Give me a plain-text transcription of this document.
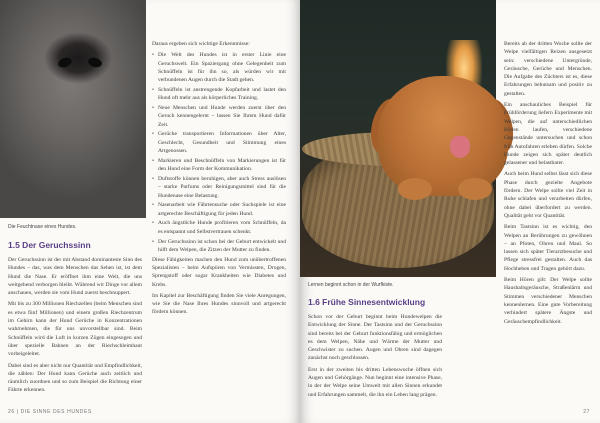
Die Feuchtnase eines Hundes.
1.5 Der Geruchssinn

Der Geruchssinn ist der mit Abstand dominanteste Sinn des Hundes – das, was dem Menschen das Sehen ist, ist dem Hund die Nase. Er eröffnet ihm eine Welt, die uns weitgehend verborgen bleibt. Während wir Dinge vor allem anschauen, werden sie vom Hund zuerst beschnuppert.

Mit bis zu 300 Millionen Riechzellen (beim Menschen sind es etwa fünf Millionen) und einem großen Riechzentrum im Gehirn kann der Hund Gerüche in Konzentrationen wahrnehmen, die für uns unvorstellbar sind. Beim Schnüffeln wird die Luft in kurzen Zügen eingesogen und über spezielle Bahnen an der Riechschleimhaut vorbeigeleitet.

Dabei sind es aber nicht nur Quantität und Empfindlichkeit, die zählen: Der Hund kann Gerüche auch zeitlich und räumlich zuordnen und so zum Beispiel die Richtung einer Fährte erkennen.

Daraus ergeben sich wichtige Erkenntnisse:

• Die Welt des Hundes ist in erster Linie eine Geruchswelt. Ein Spaziergang ohne Gelegenheit zum Schnüffeln ist für ihn so, als würden wir mit verbundenen Augen durch die Stadt gehen.
• Schnüffeln ist anstrengende Kopfarbeit und lastet den Hund oft mehr aus als körperliches Training.
• Neue Menschen und Hunde werden zuerst über den Geruch kennengelernt – lassen Sie Ihrem Hund dafür Zeit.
• Gerüche transportieren Informationen über Alter, Geschlecht, Gesundheit und Stimmung eines Artgenossen.
• Markieren und Beschnüffeln von Markierungen ist für den Hund eine Form der Kommunikation.
• Duftstoffe können beruhigen, aber auch Stress auslösen – starke Parfums oder Reinigungsmittel sind für die Hundenase eine Belastung.
• Nasenarbeit wie Fährtensuche oder Suchspiele ist eine artgerechte Beschäftigung für jeden Hund.
• Auch ängstliche Hunde profitieren vom Schnüffeln, da es entspannt und Selbstvertrauen schenkt.
• Der Geruchssinn ist schon bei der Geburt entwickelt und hilft dem Welpen, die Zitzen der Mutter zu finden.

Diese Fähigkeiten machen den Hund zum unübertroffenen Spezialisten – beim Aufspüren von Vermissten, Drogen, Sprengstoff oder sogar Krankheiten wie Diabetes und Krebs.

Im Kapitel zur Beschäftigung finden Sie viele Anregungen, wie Sie die Nase Ihres Hundes sinnvoll und artgerecht fördern können.

26 | DIE SINNE DES HUNDES
Lernen beginnt schon in der Wurfkiste.
1.6 Frühe Sinnesentwicklung

Schon vor der Geburt beginnt beim Hundewelpen die Entwicklung der Sinne. Der Tastsinn und der Geruchssinn sind bereits bei der Geburt funktionsfähig und ermöglichen es dem Welpen, Nähe und Wärme der Mutter und Geschwister zu suchen. Augen und Ohren sind dagegen zunächst noch geschlossen.

Erst in der zweiten bis dritten Lebenswoche öffnen sich Augen und Gehörgänge. Nun beginnt eine intensive Phase, in der der Welpe seine Umwelt mit allen Sinnen erkundet und Erfahrungen sammelt, die ihn ein Leben lang prägen.

Bereits ab der dritten Woche sollte der Welpe vielfältigen Reizen ausgesetzt sein: verschiedene Untergründe, Geräusche, Gerüche und Menschen. Die Aufgabe des Züchters ist es, diese Erfahrungen behutsam und positiv zu gestalten.

Ein anschauliches Beispiel für Frühförderung liefern Experimente mit Welpen, die auf unterschiedlichen Böden laufen, verschiedene Gegenstände untersuchen und schon früh Autofahren erleben dürfen. Solche Hunde zeigen sich später deutlich gelassener und belastbarer.

Auch beim Hund selbst lässt sich diese Phase durch gezielte Angebote fördern. Der Welpe sollte viel Zeit in Ruhe schlafen und verarbeiten dürfen, ohne dabei überfordert zu werden. Qualität geht vor Quantität.

Beim Tastsinn ist es wichtig, den Welpen an Berührungen zu gewöhnen – an Pfoten, Ohren und Maul. So lassen sich später Tierarztbesuche und Pflege stressfrei gestalten. Auch das Hochheben und Tragen gehört dazu.

Beim Hören gilt: Der Welpe sollte Haushaltsgeräusche, Straßenlärm und Stimmen verschiedener Menschen kennenlernen. Eine gute Vorbereitung verhindert spätere Ängste und Geräuschempfindlichkeit.

27
